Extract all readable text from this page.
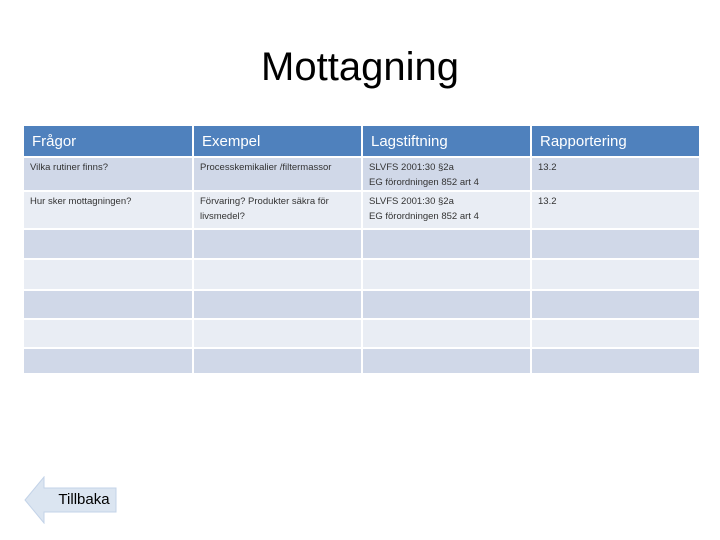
Mottagning
Frågor	Exempel	Lagstiftning	Rapportering

Vilka rutiner finns?	Processkemikalier /filtermassor	SLVFS 2001:30 §2a
EG förordningen 852 art 4	13.2

Hur sker mottagningen?	Förvaring? Produkter säkra för
livsmedel?	SLVFS 2001:30 §2a
EG förordningen 852 art 4	13.2

Tillbaka
